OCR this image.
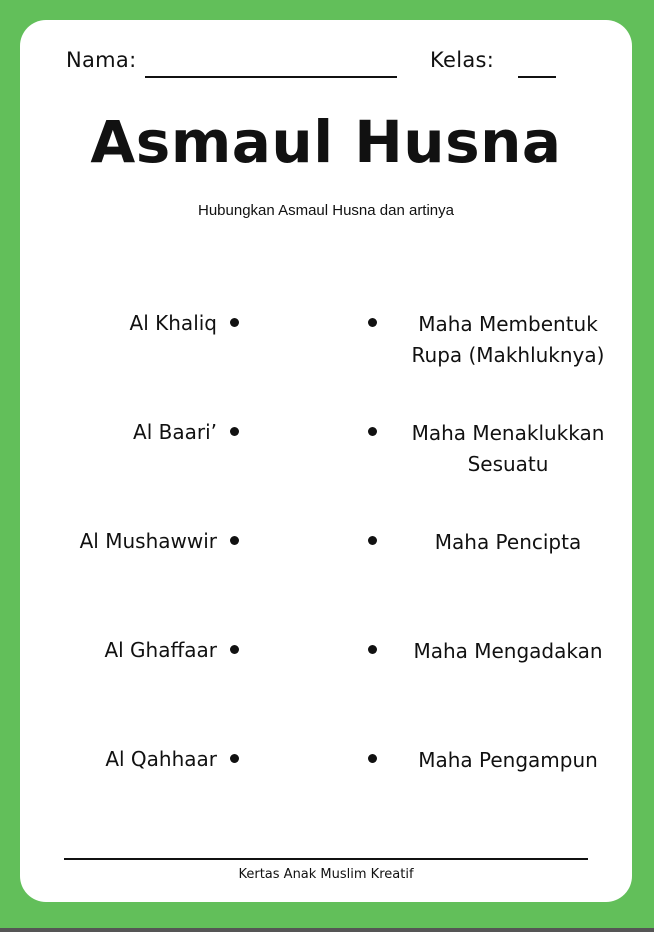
Nama:	Kelas:
Asmaul Husna
Hubungkan Asmaul Husna dan artinya
Al Khaliq	Maha Membentuk Rupa (Makhluknya)
Al Baari’	Maha Menaklukkan Sesuatu
Al Mushawwir	Maha Pencipta
Al Ghaffaar	Maha Mengadakan
Al Qahhaar	Maha Pengampun
Kertas Anak Muslim Kreatif
